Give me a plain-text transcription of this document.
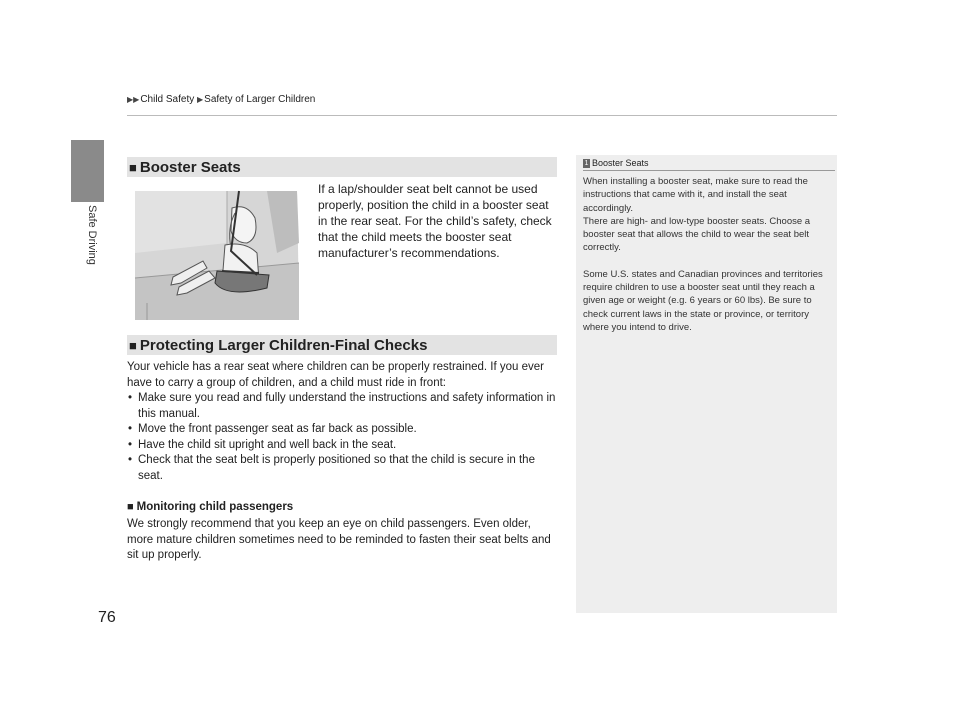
Safe Driving
▶▶Child Safety ▶Safety of Larger Children
■ Booster Seats
If a lap/shoulder seat belt cannot be used properly, position the child in a booster seat in the rear seat. For the child’s safety, check that the child meets the booster seat manufacturer’s recommendations.
■ Protecting Larger Children-Final Checks
Your vehicle has a rear seat where children can be properly restrained. If you ever have to carry a group of children, and a child must ride in front:
• Make sure you read and fully understand the instructions and safety information in this manual.
• Move the front passenger seat as far back as possible.
• Have the child sit upright and well back in the seat.
• Check that the seat belt is properly positioned so that the child is secure in the seat.
■ Monitoring child passengers
We strongly recommend that you keep an eye on child passengers. Even older, more mature children sometimes need to be reminded to fasten their seat belts and sit up properly.
1 Booster Seats

When installing a booster seat, make sure to read the instructions that came with it, and install the seat accordingly.

There are high- and low-type booster seats. Choose a booster seat that allows the child to wear the seat belt correctly.

Some U.S. states and Canadian provinces and territories require children to use a booster seat until they reach a given age or weight (e.g. 6 years or 60 lbs). Be sure to check current laws in the state or province, or territory where you intend to drive.

76
